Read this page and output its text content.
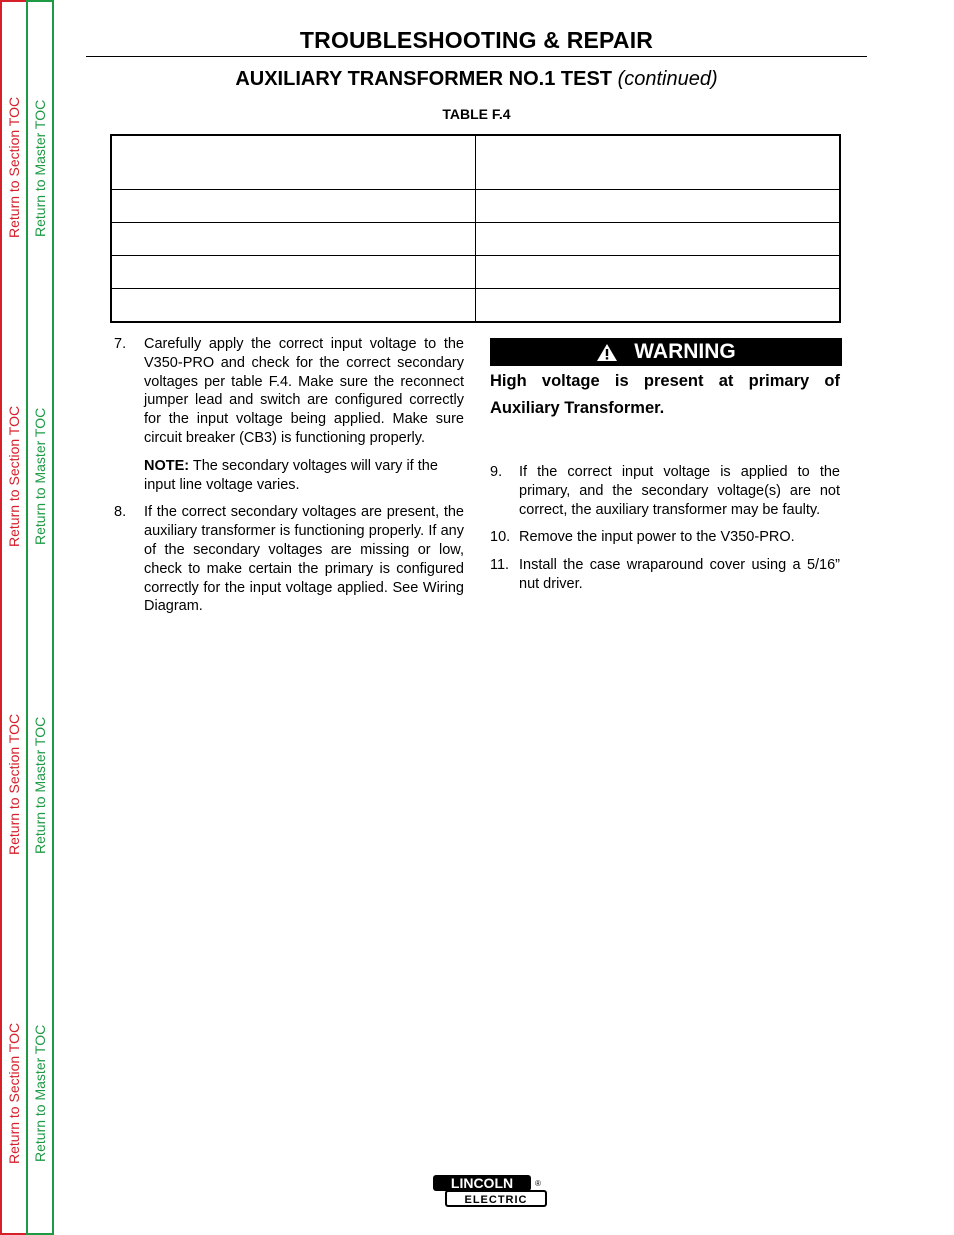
Return to Section TOC
Return to Section TOC
Return to Section TOC
Return to Section TOC
Return to Master TOC
Return to Master TOC
Return to Master TOC
Return to Master TOC
TROUBLESHOOTING & REPAIR
AUXILIARY TRANSFORMER NO.1 TEST (continued)
TABLE F.4

7.	Carefully apply the correct input voltage to the V350-PRO and check for the correct secondary voltages per table F.4. Make sure the reconnect jumper lead and switch are configured correctly for the input voltage being applied. Make sure circuit breaker (CB3) is functioning properly.
NOTE: The secondary voltages will vary if the input line voltage varies.
8.	If the correct secondary voltages are present, the auxiliary transformer is functioning properly. If any of the secondary voltages are missing or low, check to make certain the primary is configured correctly for the input voltage applied. See Wiring Diagram.
WARNING
High voltage is present at primary of Auxiliary Transformer.
9.	If the correct input voltage is applied to the primary, and the secondary voltage(s) are not correct, the auxiliary transformer may be faulty.
10. Remove the input power to the V350-PRO.
11. Install the case wraparound cover using a 5/16” nut driver.
LINCOLN
ELECTRIC
®
